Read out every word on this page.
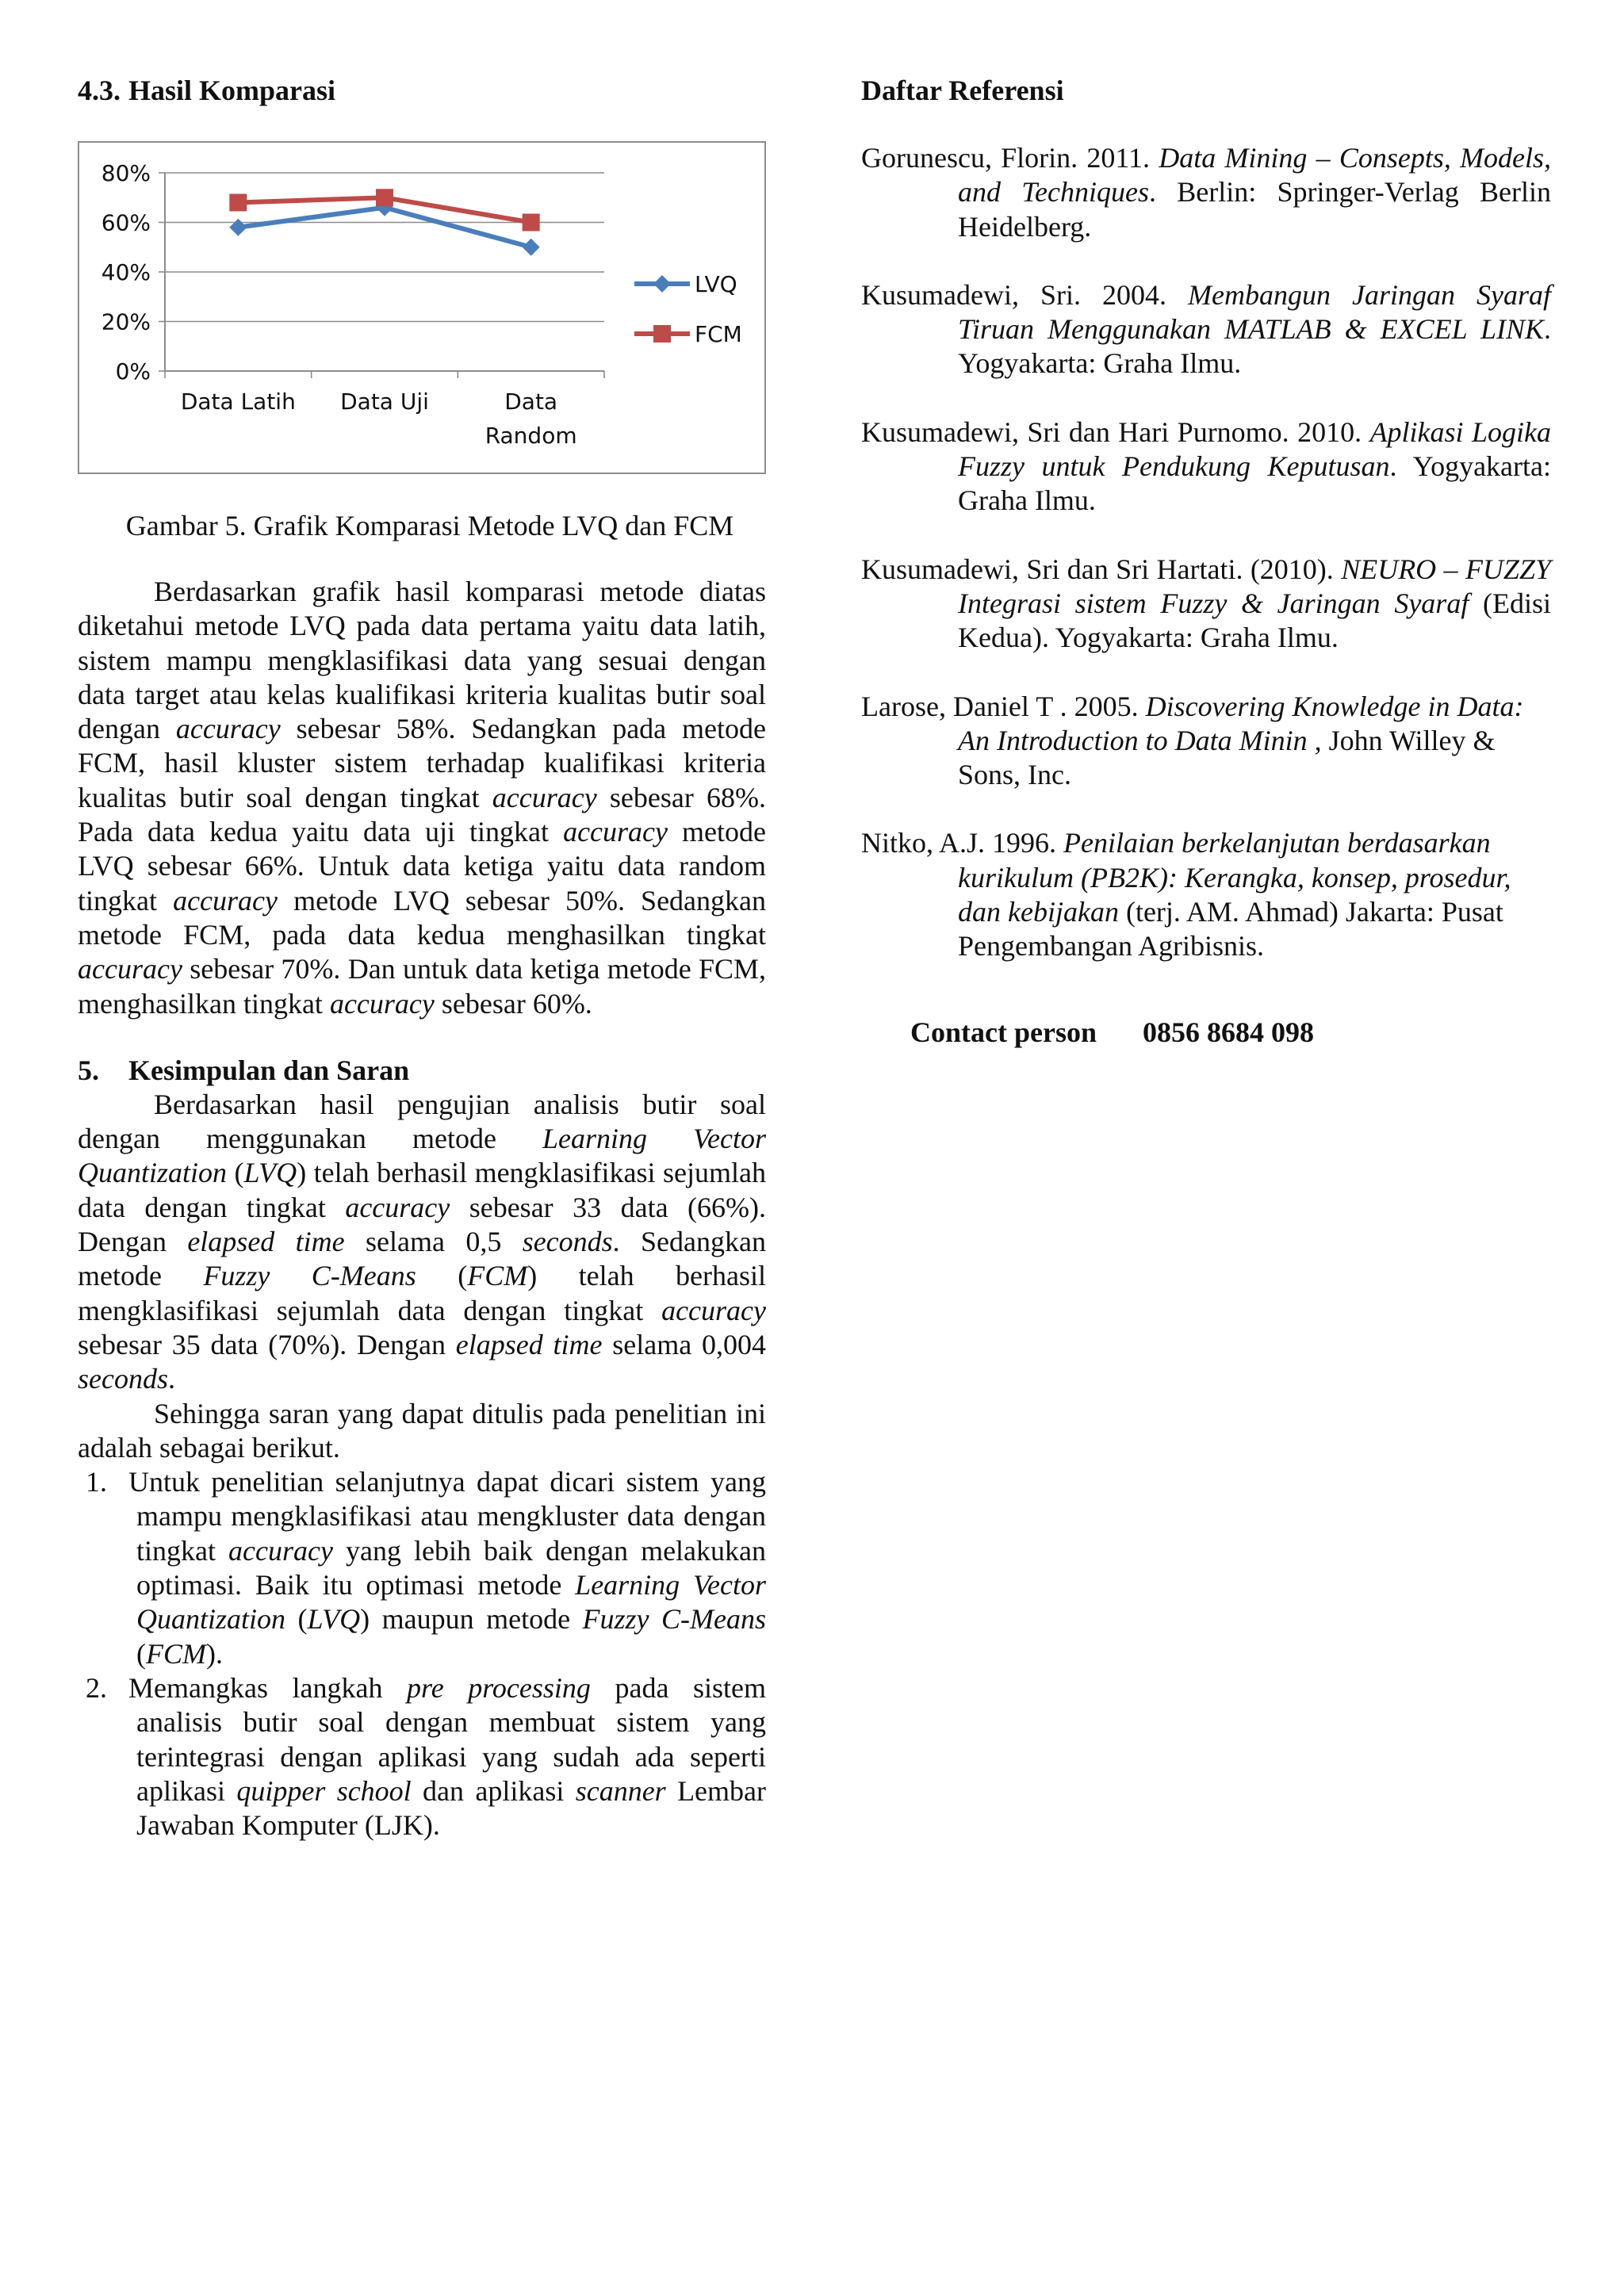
4.3. Hasil Komparasi

0%
20%
40%
60%
80%
Data Latih Data Uji	Data
Random
LVQ
FCM

Gambar 5. Grafik Komparasi Metode LVQ dan FCM

Berdasarkan grafik hasil komparasi metode diatas diketahui metode LVQ pada data pertama yaitu data latih, sistem mampu mengklasifikasi data yang sesuai dengan data target atau kelas kualifikasi kriteria kualitas butir soal dengan accuracy sebesar 58%. Sedangkan pada metode FCM, hasil kluster sistem terhadap kualifikasi kriteria kualitas butir soal dengan tingkat accuracy sebesar 68%. Pada data kedua yaitu data uji tingkat accuracy metode LVQ sebesar 66%. Untuk data ketiga yaitu data random tingkat accuracy metode LVQ sebesar 50%. Sedangkan metode FCM, pada data kedua menghasilkan tingkat accuracy sebesar 70%. Dan untuk data ketiga metode FCM, menghasilkan tingkat accuracy sebesar 60%.

5. Kesimpulan dan Saran

Berdasarkan hasil pengujian analisis butir soal dengan menggunakan metode Learning Vector Quantization (LVQ) telah berhasil mengklasifikasi sejumlah data dengan tingkat accuracy sebesar 33 data (66%). Dengan elapsed time selama 0,5 seconds. Sedangkan metode Fuzzy C-Means (FCM) telah berhasil mengklasifikasi sejumlah data dengan tingkat accuracy sebesar 35 data (70%). Dengan elapsed time selama 0,004 seconds.

Sehingga saran yang dapat ditulis pada penelitian ini adalah sebagai berikut.

1. Untuk penelitian selanjutnya dapat dicari sistem yang mampu mengklasifikasi atau mengkluster data dengan tingkat accuracy yang lebih baik dengan melakukan optimasi. Baik itu optimasi metode Learning Vector Quantization (LVQ) maupun metode Fuzzy C-Means (FCM).
2. Memangkas langkah pre processing pada sistem analisis butir soal dengan membuat sistem yang terintegrasi dengan aplikasi yang sudah ada seperti aplikasi quipper school dan aplikasi scanner Lembar Jawaban Komputer (LJK).

Daftar Referensi

Gorunescu, Florin. 2011. Data Mining – Consepts, Models, and Techniques. Berlin: Springer-Verlag Berlin Heidelberg.

Kusumadewi, Sri. 2004. Membangun Jaringan Syaraf Tiruan Menggunakan MATLAB & EXCEL LINK. Yogyakarta: Graha Ilmu.

Kusumadewi, Sri dan Hari Purnomo. 2010. Aplikasi Logika Fuzzy untuk Pendukung Keputusan. Yogyakarta: Graha Ilmu.

Kusumadewi, Sri dan Sri Hartati. (2010). NEURO – FUZZY Integrasi sistem Fuzzy & Jaringan Syaraf (Edisi Kedua). Yogyakarta: Graha Ilmu.

Larose, Daniel T . 2005. Discovering Knowledge in Data: An Introduction to Data Minin , John Willey & Sons, Inc.

Nitko, A.J. 1996. Penilaian berkelanjutan berdasarkan kurikulum (PB2K): Kerangka, konsep, prosedur, dan kebijakan (terj. AM. Ahmad) Jakarta: Pusat Pengembangan Agribisnis.

Contact person 0856 8684 098
